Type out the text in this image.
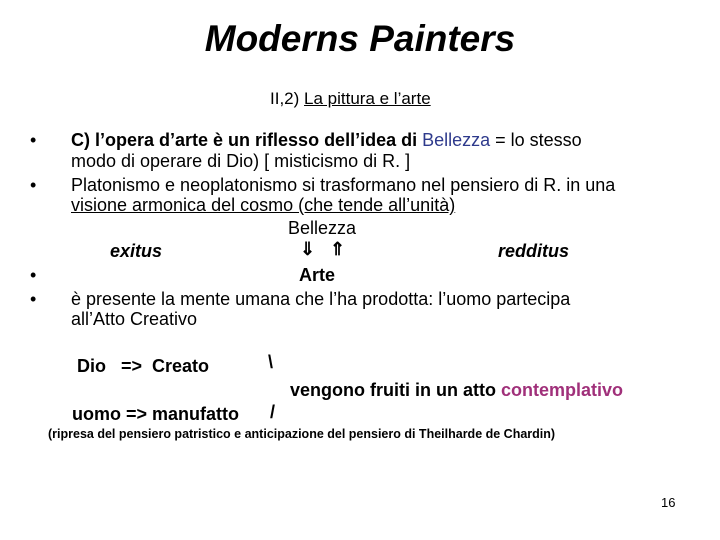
Moderns Painters
II,2) La pittura e l’arte
• C) l’opera d’arte è un riflesso dell’idea di Bellezza = lo stesso
modo di operare di Dio) [ misticismo di R. ]
• Platonismo e neoplatonismo si trasformano nel pensiero di R. in una
visione armonica del cosmo (che tende all’unità)
Bellezza
exitus	⇓ ⇑	redditus
•	Arte
• è presente la mente umana che l’ha prodotta: l’uomo partecipa
all’Atto Creativo
Dio   =>  Creato	\
vengono fruiti in un atto contemplativo
uomo => manufatto /
(ripresa del pensiero patristico e anticipazione del pensiero di Theilharde de Chardin)
16
